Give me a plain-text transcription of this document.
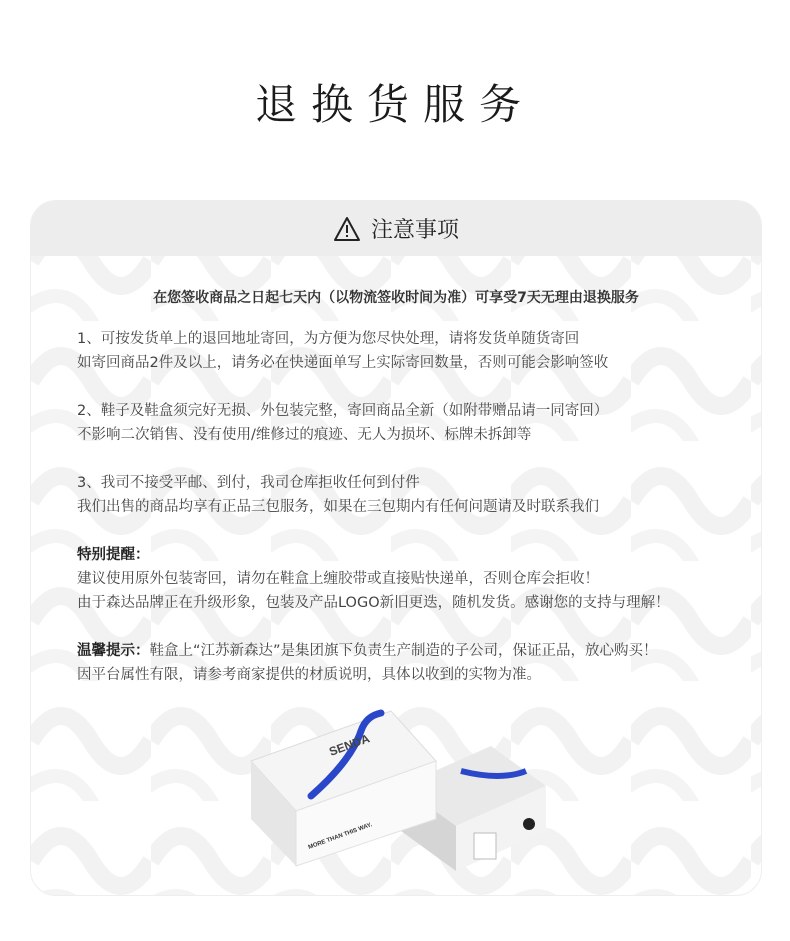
退换货服务
注意事项
在您签收商品之日起七天内（以物流签收时间为准）可享受7天无理由退换服务
1、可按发货单上的退回地址寄回，为方便为您尽快处理，请将发货单随货寄回
如寄回商品2件及以上，请务必在快递面单写上实际寄回数量，否则可能会影响签收
2、鞋子及鞋盒须完好无损、外包装完整，寄回商品全新（如附带赠品请一同寄回）
不影响二次销售、没有使用/维修过的痕迹、无人为损坏、标牌未拆卸等
3、我司不接受平邮、到付，我司仓库拒收任何到付件
我们出售的商品均享有正品三包服务，如果在三包期内有任何问题请及时联系我们
特别提醒：
建议使用原外包装寄回，请勿在鞋盒上缠胶带或直接贴快递单，否则仓库会拒收！
由于森达品牌正在升级形象，包装及产品LOGO新旧更迭，随机发货。感谢您的支持与理解！
温馨提示：鞋盒上“江苏新森达”是集团旗下负责生产制造的子公司，保证正品，放心购买！
因平台属性有限，请参考商家提供的材质说明，具体以收到的实物为准。
SENDA
MORE THAN THIS WAY.
